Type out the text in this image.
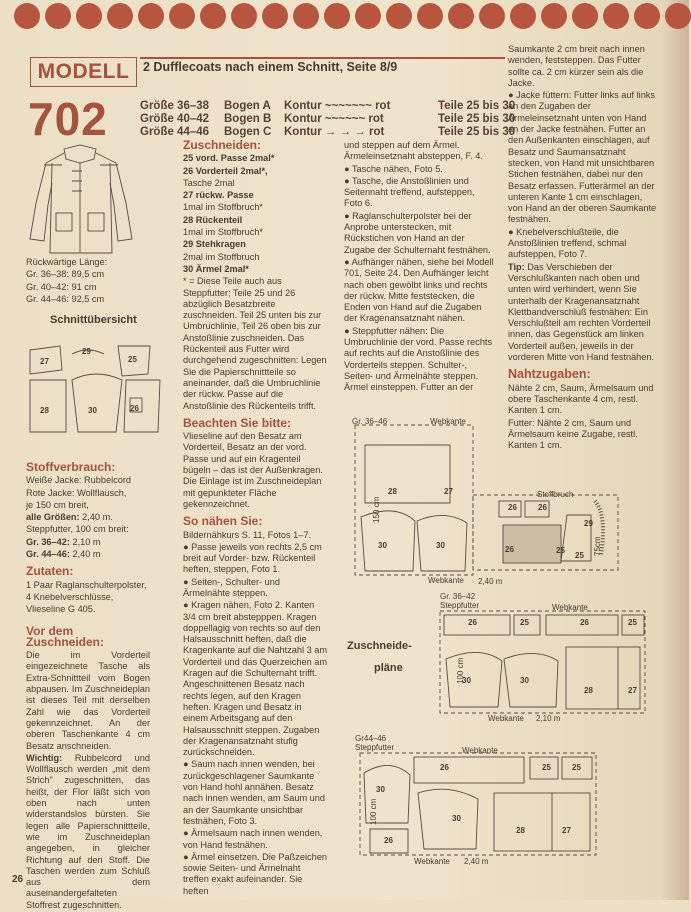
MODELL
702
2 Dufflecoats nach einem Schnitt, Seite 8/9
Größe 36–38 Bogen A Kontur ~~~~~~~ rot	Teile 25 bis 30
Größe 40–42 Bogen B Kontur ~~~~~~ rot	Teile 25 bis 30
Größe 44–46 Bogen C Kontur → → → rot	Teile 25 bis 30

Rückwärtige Länge:

Gr. 36–38: 89,5 cm

Gr. 40–42: 91 cm

Gr. 44–46: 92,5 cm

Schnittübersicht
27
29
25
28	30	26
Stoffverbrauch:

Weiße Jacke: Rubbelcord

Rote Jacke: Wollflausch,

je 150 cm breit,

alle Größen: 2,40 m.

Steppfutter, 100 cm breit:

Gr. 36–42: 2,10 m

Gr. 44–46: 2,40 m

Zutaten:

1 Paar Raglanschulterpolster,

4 Knebelverschlüsse,

Vlieseline G 405.

Vor dem Zuschneiden:

Die im Vorderteil eingezeichnete Tasche als Extra-Schnittteil vom Bogen abpausen. Im Zuschneideplan ist dieses Teil mit derselben Zahl wie das Vorderteil gekennzeichnet. An der oberen Taschenkante 4 cm Besatz anschneiden.

Wichtig: Rubbelcord und Wollflausch werden „mit dem Strich" zugeschnitten, das heißt, der Flor läßt sich von oben nach unten widerstandslos bürsten. Sie legen alle Papierschnittteile, wie im Zuschneideplan angegeben, in gleicher Richtung auf den Stoff. Die Taschen werden zum Schluß aus dem auseinandergefalteten Stoffrest zugeschnitten.

Zuschneiden:

25 vord. Passe 2mal*

26 Vorderteil 2mal*,

Tasche 2mal

27 rückw. Passe

1mal im Stoffbruch*

28 Rückenteil

1mal im Stoffbruch*

29 Stehkragen

2mal im Stoffbruch

30 Ärmel 2mal*

* = Diese Teile auch aus Steppfutter; Teile 25 und 26 abzüglich Besatzbreite zuschneiden. Teil 25 unten bis zur Umbruchlinie, Teil 26 oben bis zur Anstoßlinie zuschneiden. Das Rückenteil aus Futter wird durchgehend zugeschnitten: Legen Sie die Papierschnittteile so aneinander, daß die Umbruchlinie der rückw. Passe auf die Anstoßlinie des Rückenteils trifft.

Beachten Sie bitte:

Vlieseline auf den Besatz am Vorderteil, Besatz an der vord. Passe und auf ein Kragenteil bügeln – das ist der Außenkragen. Die Einlage ist im Zuschneideplan mit gepunkteter Fläche gekennzeichnet.

So nähen Sie:

Bildernähkurs S. 11, Fotos 1–7.

● Passe jeweils von rechts 2,5 cm breit auf Vorder- bzw. Rückenteil heften, steppen, Foto 1.

● Seiten-, Schulter- und Ärmelnähte steppen.

● Kragen nähen, Foto 2. Kanten 3/4 cm breit abstepppen. Kragen doppellagig von rechts so auf den Halsausschnitt heften, daß die Kragenkante auf die Nahtzahl 3 am Vorderteil und das Querzeichen am Kragen auf die Schulternaht trifft. Angeschnittenen Besatz nach rechts legen, auf den Kragen heften. Kragen und Besatz in einem Arbeitsgang auf den Halsausschnitt steppen. Zugaben der Kragenansatznaht stufig zurückschneiden.

● Saum nach innen wenden, bei zurückgeschlagener Saumkante von Hand hohl annähen. Besatz nach innen wenden, am Saum und an der Saumkante unsichtbar festnähen, Foto 3.

● Ärmelsaum nach innen wenden, von Hand festnähen.

● Ärmel einsetzen. Die Paßzeichen sowie Seiten- und Ärmelnaht treffen exakt aufeinander. Sie heften

und steppen auf dem Ärmel. Ärmeleinsetznaht absteppen, F. 4.

● Tasche nähen, Foto 5.

● Tasche, die Anstoßlinien und Seitennaht treffend, aufsteppen, Foto 6.

● Raglanschulterpolster bei der Anprobe unterstecken, mit Rückstichen von Hand an der Zugabe der Schulternaht festnähen.

● Aufhänger nähen, siehe bei Modell 701, Seite 24. Den Aufhänger leicht nach oben gewölbt links und rechts der rückw. Mitte feststecken, die Enden von Hand auf die Zugaben der Kragenansatznaht nähen.

● Steppfutter nähen: Die Umbruchlinie der vord. Passe rechts auf rechts auf die Anstoßlinie des Vorderteils steppen. Schulter-, Seiten- und Ärmelnähte steppen. Ärmel einsteppen. Futter an der

Saumkante 2 cm breit nach innen wenden, feststeppen. Das Futter sollte ca. 2 cm kürzer sein als die Jacke.

● Jacke füttern: Futter links auf links an den Zugaben der Ärmeleinsetznaht unten von Hand an der Jacke festnähen. Futter an den Außenkanten einschlagen, auf Besatz und Saumansatznaht stecken, von Hand mit unsichtbaren Stichen festnähen, dabei nur den Besatz erfassen. Futterärmel an der unteren Kante 1 cm einschlagen, von Hand an der oberen Saumkante festnähen.

● Knebelverschlußteile, die Anstoßlinien treffend, schmal aufsteppen, Foto 7.

Tip: Das Verschieben der Verschlußkanten nach oben und unten wird verhindert, wenn Sie unterhalb der Kragenansatznaht Klettbandverschluß festnähen: Ein Verschlußteil am rechten Vorderteil innen, das Gegenstück am linken Vorderteil außen, jeweils in der vorderen Mitte von Hand festnähen.

Nahtzugaben:

Nähte 2 cm, Saum, Ärmelsaum und obere Taschenkante 4 cm, restl. Kanten 1 cm.

Futter: Nähte 2 cm, Saum und Ärmelsaum keine Zugabe, restl. Kanten 1 cm.

Gr. 36–46	Webkante
150 cm
28	27
26	26
30	30
25
26
25
29
Stoffbruch
75cm
Webkante 2,40 m
Zuschneide-
pläne
Gr. 36–42
Steppfutter	Webkante
100 cm
26	25	26	25
30	30
28	27
Webkante 2,10 m
Gr44–46
Steppfutter	Webkante
100 cm
26	25	25
30
30
26
28	27
Webkante 2,40 m
26
